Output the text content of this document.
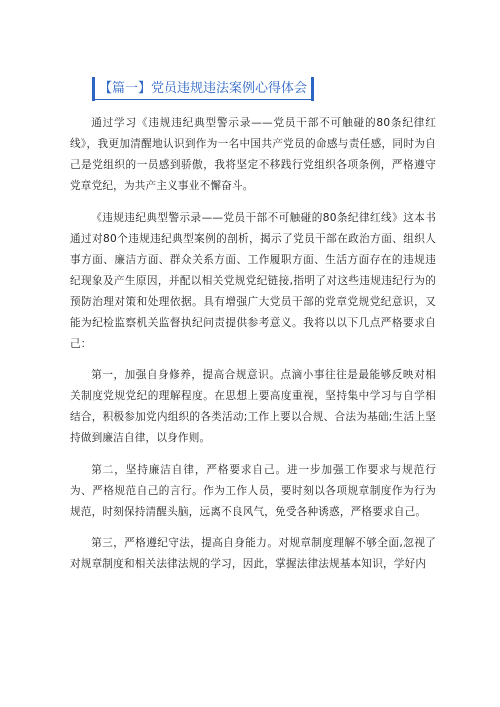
【篇一】党员违规违法案例心得体会

通过学习《违规违纪典型警示录——党员干部不可触碰的80条纪律红线》，我更加清醒地认识到作为一名中国共产党员的命感与责任感，同时为自己是党组织的一员感到骄傲，我将坚定不移践行党组织各项条例，严格遵守党章党纪，为共产主义事业不懈奋斗。

《违规违纪典型警示录——党员干部不可触碰的80条纪律红线》这本书通过对80个违规违纪典型案例的剖析，揭示了党员干部在政治方面、组织人事方面、廉洁方面、群众关系方面、工作履职方面、生活方面存在的违规违纪现象及产生原因，并配以相关党规党纪链接,指明了对这些违规违纪行为的预防治理对策和处理依据。具有增强广大党员干部的党章党规党纪意识，又能为纪检监察机关监督执纪问责提供参考意义。我将以以下几点严格要求自己：

第一，加强自身修养，提高合规意识。点滴小事往往是最能够反映对相关制度党规党纪的理解程度。在思想上要高度重视，坚持集中学习与自学相结合，积极参加党内组织的各类活动;工作上要以合规、合法为基础;生活上坚持做到廉洁自律，以身作则。

第二，坚持廉洁自律，严格要求自己。进一步加强工作要求与规范行为、严格规范自己的言行。作为工作人员，要时刻以各项规章制度作为行为规范，时刻保持清醒头脑，远离不良风气，免受各种诱惑，严格要求自己。

第三，严格遵纪守法，提高自身能力。对规章制度理解不够全面,忽视了对规章制度和相关法律法规的学习，因此，掌握法律法规基本知识，学好内
